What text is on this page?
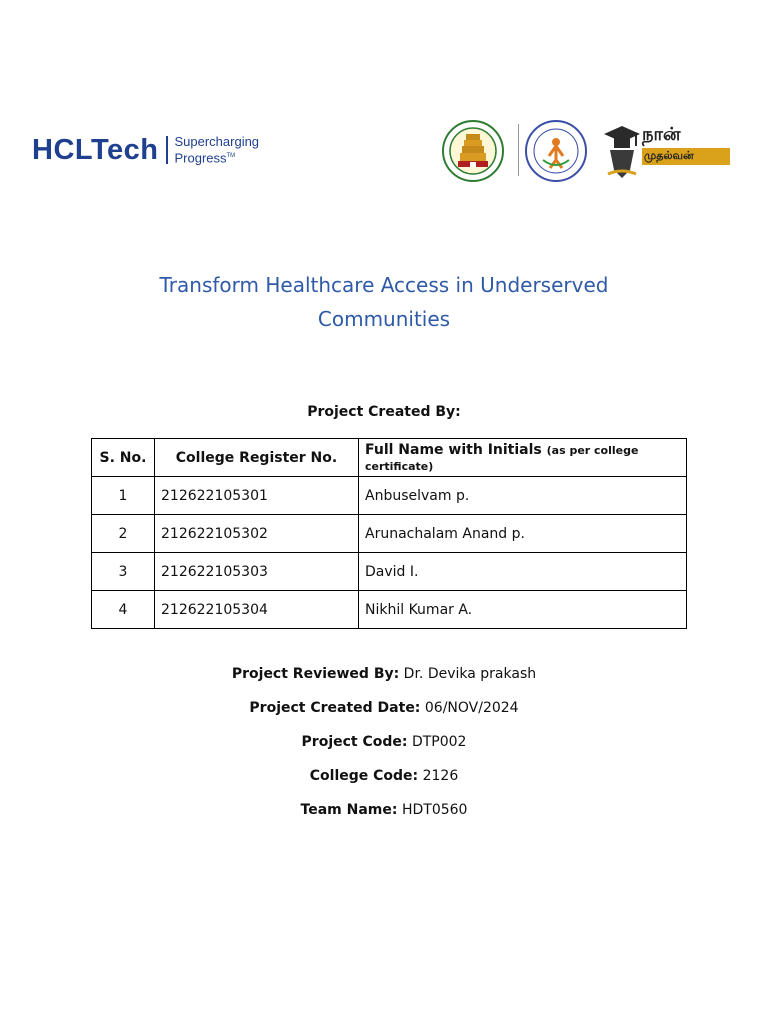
HCLTech Supercharging
Progress™
நான்
முதல்வன்
Transform Healthcare Access in Underserved
Communities
Project Created By:
S. No.	College Register No.	Full Name with Initials (as per college certificate)
1	212622105301	Anbuselvam p.
2	212622105302	Arunachalam Anand p.
3	212622105303	David I.
4	212622105304	Nikhil Kumar A.
Project Reviewed By: Dr. Devika prakash
Project Created Date: 06/NOV/2024
Project Code: DTP002
College Code: 2126
Team Name: HDT0560
